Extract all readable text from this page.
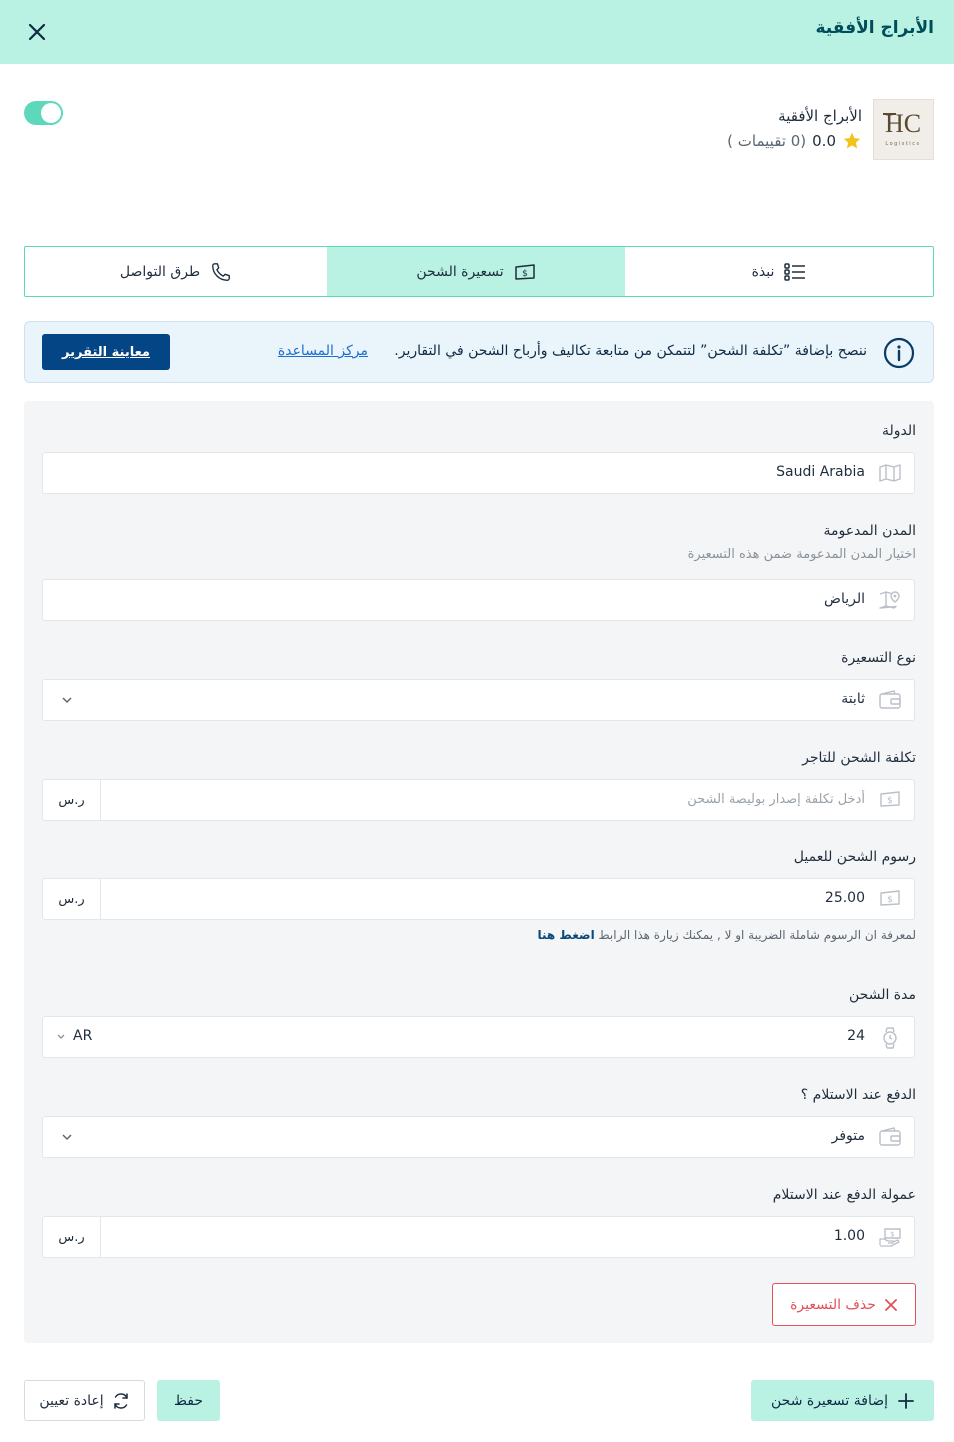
الأبراج الأفقية
HC
Logistics
الأبراج الأفقية
0.0
(0 تقييمات )
نبذة
$
تسعيرة الشحن
طرق التواصل
ننصح بإضافة ”تكلفة الشحن” لتتمكن من متابعة تكاليف وأرباح الشحن في التقارير.
مركز المساعدة
معاينة التقرير
الدولة
Saudi Arabia
المدن المدعومة
اختيار المدن المدعومة ضمن هذه التسعيرة
الرياض
نوع التسعيرة
ثابتة
تكلفة الشحن للتاجر
$
أدخل تكلفة إصدار بوليصة الشحن
ر.س
رسوم الشحن للعميل
$
25.00
ر.س
لمعرفة ان الرسوم شاملة الضريبة او لا , يمكنك زيارة هذا الرابط اضغط هنا
مدة الشحن
24
AR
الدفع عند الاستلام ؟
متوفر
عمولة الدفع عند الاستلام
$
1.00
ر.س
حذف التسعيرة
إضافة تسعيرة شحن
حفظ
إعادة تعيين
